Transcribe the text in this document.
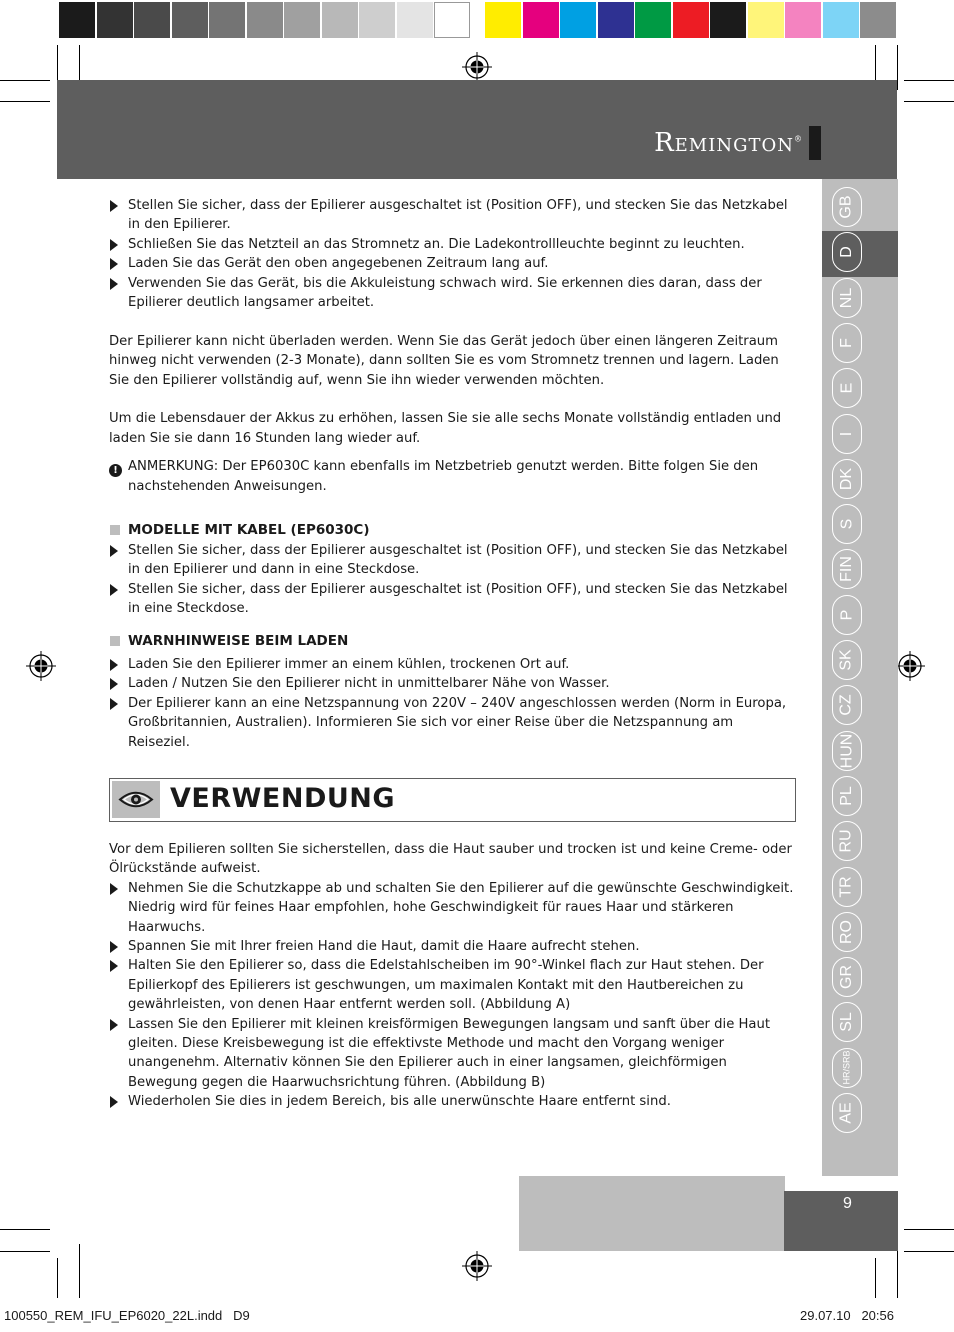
Remington®
GB
D
NL
F
E
I
DK
S
FIN
P
SK
CZ
HUN
PL
RU
TR
RO
GR
SL
HR/SRB
AE
Stellen Sie sicher, dass der Epilierer ausgeschaltet ist (Position OFF), und stecken Sie das Netzkabel in den Epilierer.
Schließen Sie das Netzteil an das Stromnetz an. Die Ladekontrollleuchte beginnt zu leuchten.
Laden Sie das Gerät den oben angegebenen Zeitraum lang auf.
Verwenden Sie das Gerät, bis die Akkuleistung schwach wird. Sie erkennen dies daran, dass der Epilierer deutlich langsamer arbeitet.

Der Epilierer kann nicht überladen werden. Wenn Sie das Gerät jedoch über einen längeren Zeitraum hinweg nicht verwenden (2-3 Monate), dann sollten Sie es vom Stromnetz trennen und lagern. Laden Sie den Epilierer vollständig auf, wenn Sie ihn wieder verwenden möchten.

Um die Lebensdauer der Akkus zu erhöhen, lassen Sie sie alle sechs Monate vollständig entladen und laden Sie sie dann 16 Stunden lang wieder auf.

! ANMERKUNG: Der EP6030C kann ebenfalls im Netzbetrieb genutzt werden. Bitte folgen Sie den nachstehenden Anweisungen.
MODELLE MIT KABEL (EP6030C)
Stellen Sie sicher, dass der Epilierer ausgeschaltet ist (Position OFF), und stecken Sie das Netzkabel in den Epilierer und dann in eine Steckdose.
Stellen Sie sicher, dass der Epilierer ausgeschaltet ist (Position OFF), und stecken Sie das Netzkabel in eine Steckdose.
WARNHINWEISE BEIM LADEN
Laden Sie den Epilierer immer an einem kühlen, trockenen Ort auf.
Laden / Nutzen Sie den Epilierer nicht in unmittelbarer Nähe von Wasser.
Der Epilierer kann an eine Netzspannung von 220V – 240V angeschlossen werden (Norm in Europa, Großbritannien, Australien). Informieren Sie sich vor einer Reise über die Netzspannung am Reiseziel.
VERWENDUNG

Vor dem Epilieren sollten Sie sicherstellen, dass die Haut sauber und trocken ist und keine Creme- oder Ölrückstände aufweist.

Nehmen Sie die Schutzkappe ab und schalten Sie den Epilierer auf die gewünschte Geschwindigkeit. Niedrig wird für feines Haar empfohlen, hohe Geschwindigkeit für raues Haar und stärkeren Haarwuchs.
Spannen Sie mit Ihrer freien Hand die Haut, damit die Haare aufrecht stehen.
Halten Sie den Epilierer so, dass die Edelstahlscheiben im 90°-Winkel flach zur Haut stehen. Der Epilierkopf des Epilierers ist geschwungen, um maximalen Kontakt mit den Hautbereichen zu gewährleisten, von denen Haar entfernt werden soll. (Abbildung A)
Lassen Sie den Epilierer mit kleinen kreisförmigen Bewegungen langsam und sanft über die Haut gleiten. Diese Kreisbewegung ist die effektivste Methode und macht den Vorgang weniger unangenehm. Alternativ können Sie den Epilierer auch in einer langsamen, gleichförmigen Bewegung gegen die Haarwuchsrichtung führen. (Abbildung B)
Wiederholen Sie dies in jedem Bereich, bis alle unerwünschte Haare entfernt sind.
9
100550_REM_IFU_EP6020_22L.indd   D9	29.07.10   20:56
